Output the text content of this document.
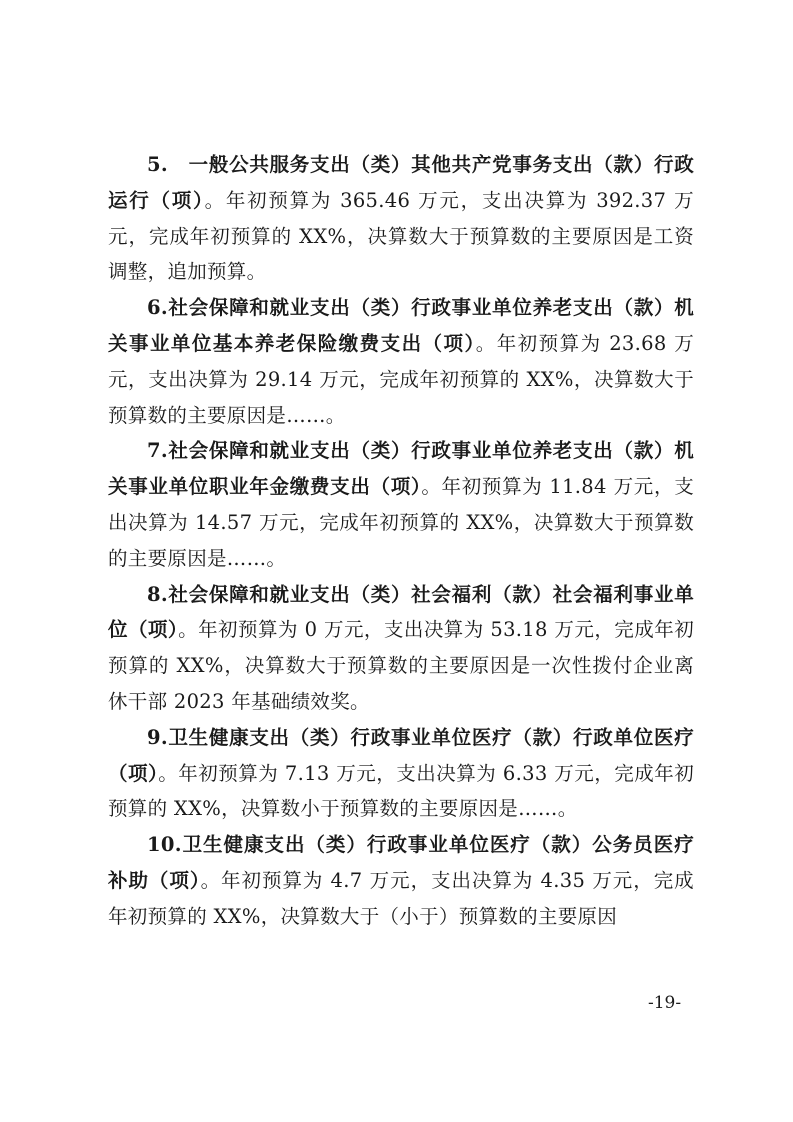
5.　一般公共服务支出（类）其他共产党事务支出（款）行政运行（项）。年初预算为 365.46 万元，支出决算为 392.37 万元，完成年初预算的 XX%，决算数大于预算数的主要原因是工资调整，追加预算。

6.社会保障和就业支出（类）行政事业单位养老支出（款）机关事业单位基本养老保险缴费支出（项）。年初预算为 23.68 万元，支出决算为 29.14 万元，完成年初预算的 XX%，决算数大于预算数的主要原因是……。

7.社会保障和就业支出（类）行政事业单位养老支出（款）机关事业单位职业年金缴费支出（项）。年初预算为 11.84 万元，支出决算为 14.57 万元，完成年初预算的 XX%，决算数大于预算数的主要原因是……。

8.社会保障和就业支出（类）社会福利（款）社会福利事业单位（项）。年初预算为 0 万元，支出决算为 53.18 万元，完成年初预算的 XX%，决算数大于预算数的主要原因是一次性拨付企业离休干部 2023 年基础绩效奖。

9.卫生健康支出（类）行政事业单位医疗（款）行政单位医疗（项）。年初预算为 7.13 万元，支出决算为 6.33 万元，完成年初预算的 XX%，决算数小于预算数的主要原因是……。

10.卫生健康支出（类）行政事业单位医疗（款）公务员医疗补助（项）。年初预算为 4.7 万元，支出决算为 4.35 万元，完成年初预算的 XX%，决算数大于（小于）预算数的主要原因

-19-
